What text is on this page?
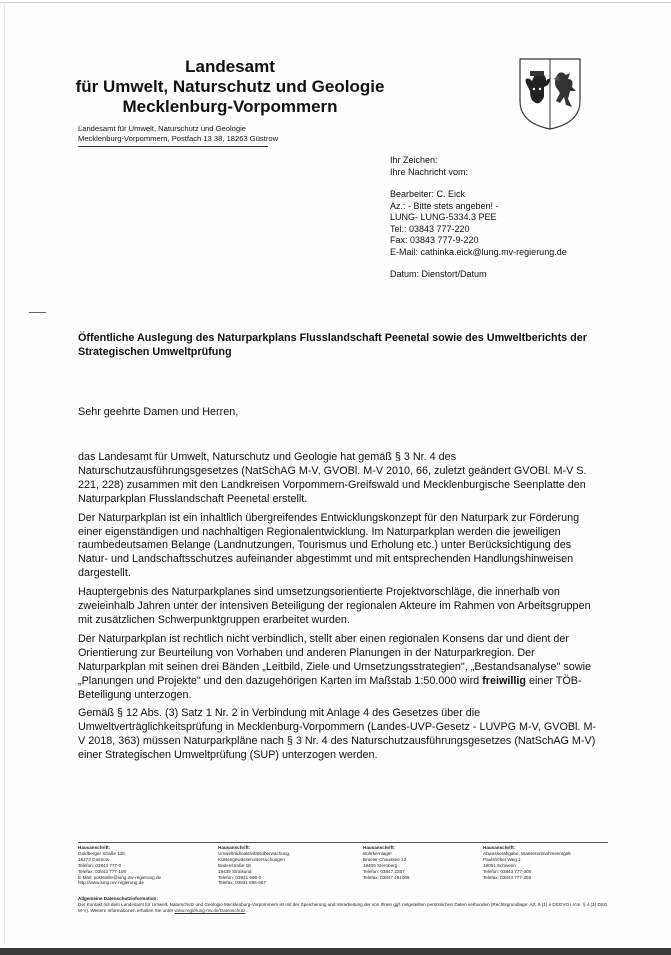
Landesamt
für Umwelt, Naturschutz und Geologie
Mecklenburg-Vorpommern
Landesamt für Umwelt, Naturschutz und Geologie
Mecklenburg-Vorpommern, Postfach 13 38, 18263 Güstrow
Ihr Zeichen:
Ihre Nachricht vom:
Bearbeiter: C. Eick
Az.: - Bitte stets angeben! -
LUNG- LUNG-5334.3 PEE
Tel.: 03843 777-220
Fax: 03843 777-9-220
E-Mail: cathinka.eick@lung.mv-regierung.de
Datum: Dienstort/Datum
Öffentliche Auslegung des Naturparkplans Flusslandschaft Peenetal sowie des Umweltberichts der Strategischen Umweltprüfung
Sehr geehrte Damen und Herren,

das Landesamt für Umwelt, Naturschutz und Geologie hat gemäß § 3 Nr. 4 des Naturschutzausführungsgesetzes (NatSchAG M-V, GVOBl. M-V 2010, 66, zuletzt geändert GVOBl. M-V S. 221, 228) zusammen mit den Landkreisen Vorpommern-Greifswald und Mecklenburgische Seenplatte den Naturparkplan Flusslandschaft Peenetal erstellt.

Der Naturparkplan ist ein inhaltlich übergreifendes Entwicklungskonzept für den Naturpark zur Förderung einer eigenständigen und nachhaltigen Regionalentwicklung. Im Naturparkplan werden die jeweiligen raumbedeutsamen Belange (Landnutzungen, Tourismus und Erholung etc.) unter Berücksichtigung des Natur- und Landschaftsschutzes aufeinander abgestimmt und mit entsprechenden Handlungshinweisen dargestellt.

Hauptergebnis des Naturparkplanes sind umsetzungsorientierte Projektvorschläge, die innerhalb von zweieinhalb Jahren unter der intensiven Beteiligung der regionalen Akteure im Rahmen von Arbeitsgruppen mit zusätzlichen Schwerpunktgruppen erarbeitet wurden.

Der Naturparkplan ist rechtlich nicht verbindlich, stellt aber einen regionalen Konsens dar und dient der Orientierung zur Beurteilung von Vorhaben und anderen Planungen in der Naturparkregion. Der Naturparkplan mit seinen drei Bänden „Leitbild, Ziele und Umsetzungsstrategien", „Bestandsanalyse" sowie „Planungen und Projekte" und den dazugehörigen Karten im Maßstab 1:50.000 wird freiwillig einer TÖB-Beteiligung unterzogen.

Gemäß § 12 Abs. (3) Satz 1 Nr. 2 in Verbindung mit Anlage 4 des Gesetzes über die Umweltverträglichkeitsprüfung in Mecklenburg-Vorpommern (Landes-UVP-Gesetz - LUVPG M-V, GVOBl. M-V 2018, 363) müssen Naturparkpläne nach § 3 Nr. 4 des Naturschutzausführungsgesetzes (NatSchAG M-V) einer Strategischen Umweltprüfung (SUP) unterzogen werden.

Hausanschrift:
Goldberger Straße 12b
18273 Güstrow
Telefon: 03843 777-0
Telefax: 03843 777-106
E-Mail: poststelle@lung.mv-regierung.de
http://www.lung.mv-regierung.de
Hausanschrift:
Umweltradioaktivitätsüberwachung,
Küstengewässeruntersuchungen
Badenstraße 18
18439 Stralsund
Telefon: 03831 696-0
Telefax: 03831 696-667
Hausanschrift:
Bohrkernlager
Brüeler Chaussee 13
19406 Sternberg
Telefon: 03847 2257
Telefax: 03847 451069
Hausanschrift:
Abwasserabgabe, Wasserentnahmeentgelt
Paulshöher Weg 1
19061 Schwerin
Telefon: 03843 777-300
Telefax: 03843 777-309
Allgemeine Datenschutzinformation:
Der Kontakt mit dem Landesamt für Umwelt, Naturschutz und Geologie Mecklenburg-Vorpommern ist mit der Speicherung und Verarbeitung der von Ihnen ggf. mitgeteilten persönlichen Daten verbunden (Rechtsgrundlage: Art. 6 (1) e DSGVO i.V.m. § 4 (1) DSG M-V). Weitere Informationen erhalten Sie unter www.regierung-mv.de/Datenschutz.
